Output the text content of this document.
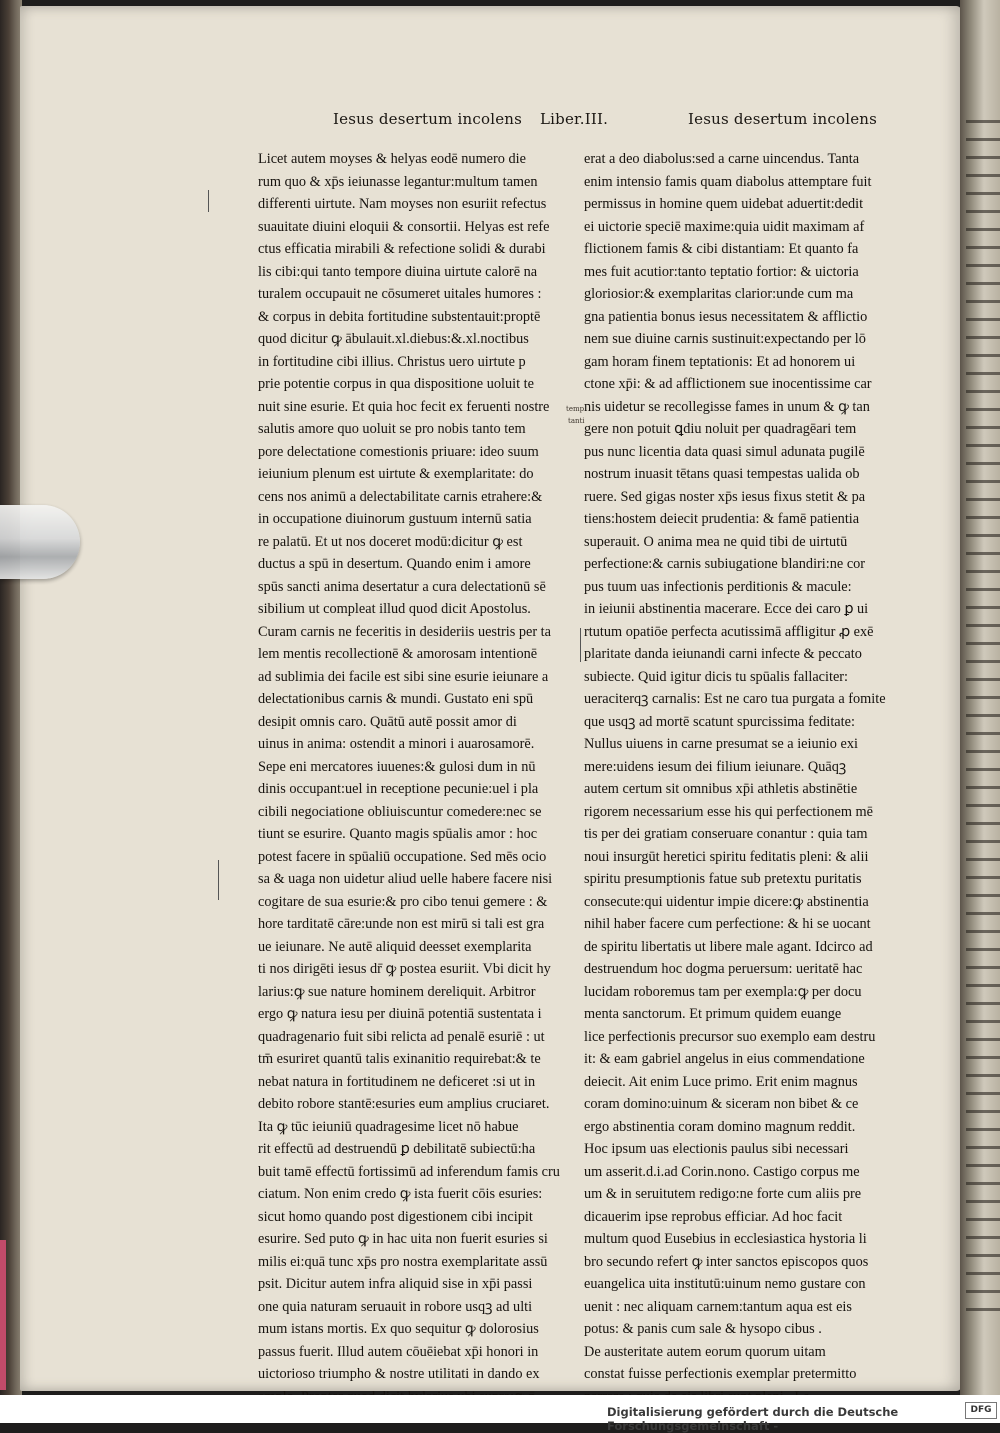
Iesus desertum incolens Liber.III.	Iesus desertum incolens
Licet autem moyses & helyas eodē numero die
rum quo & xp̄s ieiunasse legantur:multum tamen
differenti uirtute. Nam moyses non esuriit refectus
suauitate diuini eloquii & consortii. Helyas est refe
ctus efficatia mirabili & refectione solidi & durabi
lis cibi:qui tanto tempore diuina uirtute calorē na
turalem occupauit ne cōsumeret uitales humores :
& corpus in debita fortitudine substentauit:proptē
quod dicitur ꝙ ābulauit.xl.diebus:&.xl.noctibus
in fortitudine cibi illius. Christus uero uirtute p
prie potentie corpus in qua dispositione uoluit te
nuit sine esurie. Et quia hoc fecit ex feruenti nostre
salutis amore quo uoluit se pro nobis tanto tem
pore delectatione comestionis priuare: ideo suum
ieiunium plenum est uirtute & exemplaritate: do
cens nos animū a delectabilitate carnis etrahere:&
in occupatione diuinorum gustuum internū satia
re palatū. Et ut nos doceret modū:dicitur ꝙ est
ductus a spū in desertum. Quando enim i amore
spūs sancti anima desertatur a cura delectationū sē
sibilium ut compleat illud quod dicit Apostolus.
Curam carnis ne feceritis in desideriis uestris per ta
lem mentis recollectionē & amorosam intentionē
ad sublimia dei facile est sibi sine esurie ieiunare a
delectationibus carnis & mundi. Gustato eni spū
desipit omnis caro. Quātū autē possit amor di
uinus in anima: ostendit a minori i auarosamorē.
Sepe eni mercatores iuuenes:& gulosi dum in nū
dinis occupant:uel in receptione pecunie:uel i pla
cibili negociatione obliuiscuntur comedere:nec se
tiunt se esurire. Quanto magis spūalis amor : hoc
potest facere in spūaliū occupatione. Sed mēs ocio
sa & uaga non uidetur aliud uelle habere facere nisi
cogitare de sua esurie:& pro cibo tenui gemere : &
hore tarditatē cāre:unde non est mirū si tali est gra
ue ieiunare. Ne autē aliquid deesset exemplarita
ti nos dirigēti iesus dr̄ ꝙ postea esuriit. Vbi dicit hy
larius:ꝙ sue nature hominem dereliquit. Arbitror
ergo ꝙ natura iesu per diuinā potentiā sustentata i
quadragenario fuit sibi relicta ad penalē esuriē : ut
tm̄ esuriret quantū talis exinanitio requirebat:& te
nebat natura in fortitudinem ne deficeret :si ut in
debito robore stantē:esuries eum amplius cruciaret.
Ita ꝙ tūc ieiuniū quadragesime licet nō habue
rit effectū ad destruendū ꝑ debilitatē subiectū:ha
buit tamē effectū fortissimū ad inferendum famis cru
ciatum. Non enim credo ꝙ ista fuerit cōis esuries:
sicut homo quando post digestionem cibi incipit
esurire. Sed puto ꝙ in hac uita non fuerit esuries si
milis ei:quā tunc xp̄s pro nostra exemplaritate assū
psit. Dicitur autem infra aliquid sise in xp̄i passi
one quia naturam seruauit in robore usqꝫ ad ulti
mum istans mortis. Ex quo sequitur ꝙ dolorosius
passus fuerit. Illud autem cōuēiebat xp̄i honori in
uictorioso triumpho & nostre utilitati in dando ex

erat a deo diabolus:sed a carne uincendus. Tanta
enim intensio famis quam diabolus attemptare fuit
permissus in homine quem uidebat aduertit:dedit
ei uictorie speciē maxime:quia uidit maximam af
flictionem famis & cibi distantiam: Et quanto fa
mes fuit acutior:tanto teptatio fortior: & uictoria
gloriosior:& exemplaritas clarior:unde cum ma
gna patientia bonus iesus necessitatem & afflictio
nem sue diuine carnis sustinuit:expectando per lō
gam horam finem teptationis: Et ad honorem ui
ctone xp̄i: & ad afflictionem sue inocentissime car
nis uidetur se recollegisse fames in unum & ꝙ tan
gere non potuit ꝗdiu noluit per quadragēari tem
pus nunc licentia data quasi simul adunata pugilē
nostrum inuasit tētans quasi tempestas ualida ob
ruere. Sed gigas noster xp̄s iesus fixus stetit & pa
tiens:hostem deiecit prudentia: & famē patientia
superauit. O anima mea ne quid tibi de uirtutū
perfectione:& carnis subiugatione blandiri:ne cor
pus tuum uas infectionis perditionis & macule:
in ieiunii abstinentia macerare. Ecce dei caro ꝑ ui
rtutum opatiōe perfecta acutissimā affligitur ꝓ exē
plaritate danda ieiunandi carni infecte & peccato
subiecte. Quid igitur dicis tu spūalis fallaciter:
ueraciterqꝫ carnalis: Est ne caro tua purgata a fomite
que usqꝫ ad mortē scatunt spurcissima feditate:
Nullus uiuens in carne presumat se a ieiunio exi
mere:uidens iesum dei filium ieiunare. Quāqꝫ
autem certum sit omnibus xp̄i athletis abstinētie
rigorem necessarium esse his qui perfectionem mē
tis per dei gratiam conseruare conantur : quia tam
noui insurgūt heretici spiritu feditatis pleni: & alii
spiritu presumptionis fatue sub pretextu puritatis
consecute:qui uidentur impie dicere:ꝙ abstinentia
nihil haber facere cum perfectione: & hi se uocant
de spiritu libertatis ut libere male agant. Idcirco ad
destruendum hoc dogma peruersum: ueritatē hac
lucidam roboremus tam per exempla:ꝙ per docu
menta sanctorum. Et primum quidem euange
lice perfectionis precursor suo exemplo eam destru
it: & eam gabriel angelus in eius commendatione
deiecit. Ait enim Luce primo. Erit enim magnus
coram domino:uinum & siceram non bibet & ce
ergo abstinentia coram domino magnum reddit.
Hoc ipsum uas electionis paulus sibi necessari
um asserit.d.i.ad Corin.nono. Castigo corpus me
um & in seruitutem redigo:ne forte cum aliis pre
dicauerim ipse reprobus efficiar. Ad hoc facit
multum quod Eusebius in ecclesiastica hystoria li
bro secundo refert ꝙ inter sanctos episcopos quos
euangelica uita institutū:uinum nemo gustare con
uenit : nec aliquam carnem:tantum aqua est eis
potus: & panis cum sale & hysopo cibus .
De austeritate autem eorum quorum uitam
constat fuisse perfectionis exemplar pretermitto

temp
tanti
Digitalisierung gefördert durch die Deutsche Forschungsgemeinschaft -
DFG
